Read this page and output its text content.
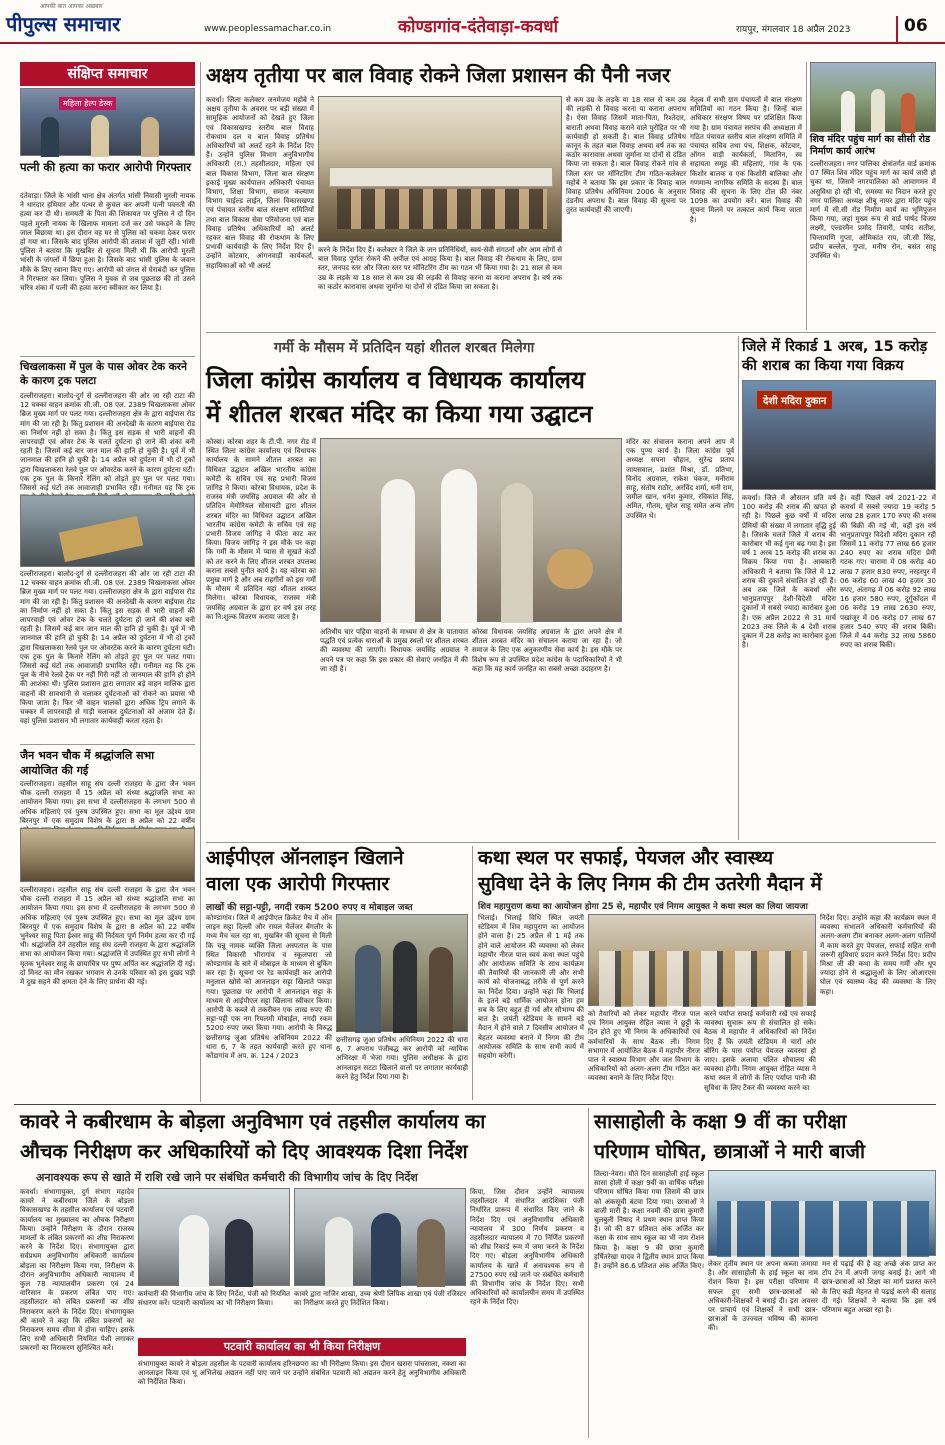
आपकी बात आपका अख़बार
पीपुल्स समाचार	www.peoplessamachar.co.in	कोण्डागांव-दंतेवाड़ा-कवर्धा	रायपुर, मंगलवार 18 अप्रैल 2023	06
संक्षिप्त समाचार
महिला हेल्प डेस्क
पत्नी की हत्या का फरार आरोपी गिरफ्तार
दंतेवाड़ा। जिले के भांसी थाना क्षेत्र अंतर्गत भांसी निवासी मुरली नायक ने धारदार हथियार और पत्थर से कुचल कर अपनी पत्नी पवनती की हत्या कर दी थी। समयती के पिता की शिकायत पर पुलिस ने दो दिन पहले मुरली नायक के खिलाफ मामला दर्ज कर उसे पकड़ने के लिए जाल बिछाया था। इस दौरान वह घर से पुलिस को चकमा देकर फरार हो गया था। जिसके बाद पुलिस आरोपी की तलाश में जुटी रही। भांसी पुलिस ने बताया कि मुखबिर से सूचना मिली थी कि आरोपी मुरली भांसी के जंगलों में छिपा हुआ है। जिसके बाद भांसी पुलिस के जवान मौके के लिए रवाना किए गए। आरोपी को जंगल से घेराबंदी कर पुलिस ने गिरफ्तार कर लिया। पुलिस ने युवक से जब पूछताछ की तो उसने चरित्र शंका में पत्नी की हत्या करना स्वीकार कर लिया है।
चिखलाकसा में पुल के पास ओवर टेक करने के कारण ट्रक पलटा
दल्लीराजहरा। बालोद-दुर्ग से दल्लीराजहरा की ओर जा रही टाटा की 12 चक्का वाहन क्रमांक सी.जी. 08 एल. 2389 चिखलाकसा ओवर ब्रिज मुख्य मार्ग पर पलट गया। दल्लीराजहरा क्षेत्र के द्वारा वाईपास रोड मांग की जा रही है। किंतु प्रशासन की अनदेखी के कारण बाईपास रोड का निर्माण नहीं हो सका है। किंतु इस सड़क से भारी वाहनों की लापरवाही एवं ओवर टेक के चलते दुर्घटना हो जाने की शंका बनी रहती है। जिसमें कई बार जान माल की हानि हो चुकी है। पूर्व में भी जानमाल की हानि हो चुकी है। 14 अप्रैल को दुर्घटना में भी दो ट्रकों द्वारा चिखलाकसा रेलवे पुल पर ओवरटेक करने के कारण दुर्घटना घटी। एक ट्रक पुल के किनारे रेलिंग को तोड़ते हुए पुल पर पलट गया। जिससे कई घंटों तक आवाजाही प्रभावित रही। गनीमत यह कि ट्रक
दल्लीराजहरा। बालोद-दुर्ग से दल्लीराजहरा की ओर जा रही टाटा की 12 चक्का वाहन क्रमांक सी.जी. 08 एल. 2389 चिखलाकसा ओवर ब्रिज मुख्य मार्ग पर पलट गया। दल्लीराजहरा क्षेत्र के द्वारा वाईपास रोड मांग की जा रही है। किंतु प्रशासन की अनदेखी के कारण बाईपास रोड का निर्माण नहीं हो सका है। किंतु इस सड़क से भारी वाहनों की लापरवाही एवं ओवर टेक के चलते दुर्घटना हो जाने की शंका बनी रहती है। जिसमें कई बार जान माल की हानि हो चुकी है। पूर्व में भी जानमाल की हानि हो चुकी है। 14 अप्रैल को दुर्घटना में भी दो ट्रकों द्वारा चिखलाकसा रेलवे पुल पर ओवरटेक करने के कारण दुर्घटना घटी। एक ट्रक पुल के किनारे रेलिंग को तोड़ते हुए पुल पर पलट गया। जिससे कई घंटों तक आवाजाही प्रभावित रही। गनीमत यह कि ट्रक पुल के नीचे रेलवे ट्रैक पर नहीं गिरी नहीं तो जानमाल की हानि हो होने की आशंका थी। पुलिस प्रशासन द्वारा लगातार बड़े वाहन मालिक द्वारा वाहनों की सावधानी से चलाकर दुर्घटनाओं को रोकने का प्रयास भी किया जाता है। फिर भी वाहन चालकों द्वारा अधिक ट्रिप लगाने के चक्कर में लापरवाही से गाड़ी चलाकर दुर्घटनाओं को अंजाम देते हैं। वहां पुलिस प्रशासन भी लगातार कार्यवाही करता रहता है।
जैन भवन चौक में श्रद्धांजलि सभा आयोजित की गई
दल्लीराजहरा। तहसील साहू संघ दल्ली राजहरा के द्वारा जैन भवन चौक दल्ली राजहरा में 15 अप्रैल को संध्या श्रद्धांजलि सभा का आयोजन किया गया। इस सभा में दल्लीराजहरा के लगभग 500 से अधिक महिलाएं एवं पुरुष उपस्थित हुए। सभा का मूल उद्देश्य ग्राम बिरनपुर में एक समुदाय विशेष के द्वारा 8 अप्रैल को 22 वर्षीय
दल्लीराजहरा। तहसील साहू संघ दल्ली राजहरा के द्वारा जैन भवन चौक दल्ली राजहरा में 15 अप्रैल को संध्या श्रद्धांजलि सभा का आयोजन किया गया। इस सभा में दल्लीराजहरा के लगभग 500 से अधिक महिलाएं एवं पुरुष उपस्थित हुए। सभा का मूल उद्देश्य ग्राम बिरनपुर में एक समुदाय विशेष के द्वारा 8 अप्रैल को 22 वर्षीय भुनेश्वर साहू पिता ईश्वर साहू की निर्दयता पूर्ण निर्मम हत्या कर दी गई थी। श्रद्धांजलि देने तहसील साहू संघ दल्ली राजहरा के द्वारा श्रद्धांजलि सभा का आयोजन किया गया। श्रद्धांजलि में उपस्थित हुए सभी लोगों ने मृतक भुनेश्वर साहू के छायाचित्र पर पुष्प अर्पित कर श्रद्धांजलि दी गई। दो मिनट का मौन रखकर भगवान से उनके परिवार को इस दुखद घड़ी में दुख सहने की क्षमता देने के लिए प्रार्थना की गई।
अक्षय तृतीया पर बाल विवाह रोकने जिला प्रशासन की पैनी नजर
कवर्धा। जिला कलेक्टर जनमेजय महोबे ने अक्षय तृतीया के अवसर पर बड़ी संख्या में सामूहिक आयोजनों को देखते हुए जिला एवं विकासखण्ड स्तरीय बाल विवाह रोकथाम दल व बाल विवाह प्रतिषेध अधिकारियों को अलर्ट रहने के निर्देश दिए हैं। उन्होंने पुलिस विभाग अनुविभागीय अधिकारी (रा.) तहसीलदार, महिला एवं बाल विकास विभाग, जिला बाल संरक्षण इकाई मुख्य कार्यपालन अधिकारी पंचायत विभाग, शिक्षा विभाग, समाज कल्याण विभाग चाईल्ड लाईन, जिला विकासखण्ड एवं पंचायत स्तरीय बाल संरक्षण समितियों तथा बाल विकास सेवा परियोजना एवं बाल विवाह प्रतिषेध अधिकारियों को अलर्ट रहकर बाल विवाह की रोकथाम के लिए प्रभावी कार्यवाही के लिए निर्देश दिए हैं। उन्होंने कोटवार, आंगनवाड़ी कार्यकर्ता, सहायिकाओं को भी अलर्ट
करने के निर्देश दिए हैं। कलेक्टर ने जिले के जन प्रतिनिधियों, स्वयं-सेवी संगठनों और आम लोगों से बाल विवाह पूर्णतः रोकने की अपील एवं आग्रह किया है। बाल विवाह की रोकथाम के लिए, ग्राम स्तर, जनपद स्तर और जिला स्तर पर मॉनिटरिंग टीम का गठन भी किया गया है। 21 साल से कम उम्र के लड़के या 18 साल से कम उम्र की लड़की से विवाह करना या कराना अपराध है। वर्ष तक का कठोर कारावास अथवा जुर्माना या दोनों से दंडित किया जा सकता है।
से कम उम्र के लड़के या 18 साल से कम उम्र की लड़की से विवाह करना या कराना अपराध है। ऐसा विवाह जिसमें माता-पिता, रिश्तेदार, बाराती अथवा विवाह कराने वाले पुरोहित पर भी कार्यवाही हो सकती है। बाल विवाह प्रतिषेध कानून के तहत बाल विवाह अथवा वर्ष तक का कठोर कारावास अथवा जुर्माना या दोनों से दंडित किया जा सकता है। बाल विवाह रोकने गांव से जिला स्तर पर मॉनिटरिंग टीम गठित-कलेक्टर महोबे ने बताया कि इस प्रकार के विवाह बाल विवाह प्रतिषेध अधिनियम 2006 के अनुसार दंडनीय अपराध है। बाल विवाह की सूचना पर तुरंत कार्यवाही की जाएगी।
नेतृत्व में सभी ग्राम पंचायतों में बाल संरक्षण समितियों का गठन किया है। जिन्हें बाल अधिकार संरक्षण विषय पर प्रशिक्षित किया गया है। ग्राम पंचायत सरपंच की अध्यक्षता में गठित पंचायत स्तरीय बाल संरक्षण समिति में पंचायत सचिव तथा पंच, शिक्षक, कोटवार, ऑगन वाड़ी कार्यकर्ता, मितानिन, स्व सहायता समूह की महिलाएं, गांव के एक किशोर बालक व एक किशोरी बालिका और गणमान्य नागरिक समिति के सदस्य हैं। बाल विवाह की सूचना के लिए टोल फ्री नंबर 1098 का उपयोग करें। बाल विवाह की सूचना मिलने पर तत्काल कार्य किया जाता है।
शिव मंदिर पहुंच मार्ग का सीसी रोड निर्माण कार्य आरंभ
दल्लीराजहरा। नगर पालिका क्षेत्रांतर्गत वार्ड क्रमांक 07 स्थित शिव मंदिर पहुंच मार्ग का कार्य जारी हो चुका था, जिसमें नगरपालिका को आवागमन में असुविधा हो रही थी, समस्या का निदान करते हुए नगर पालिका अध्यक्ष शीबू नायर द्वारा मंदिर पहुंच मार्ग में सी.सी रोड निर्माण कार्य का भूमिपूजन किया गया, जहां मुख्य रूप से वार्ड पार्षद विजय लक्ष्मी, एल्डरमैन प्रमोद तिवारी, पार्षद सतीश, चिन्तामणि गुप्ता, ओमिकांत राय, जी.सी सिंह, प्रदीप बल्लेल, गुप्ता, मनीष रोन, बसंत साहू उपस्थित थे।
गर्मी के मौसम में प्रतिदिन यहां शीतल शरबत मिलेगा
जिला कांग्रेस कार्यालय व विधायक कार्यालय
में शीतल शरबत मंदिर का किया गया उद्घाटन
कोरबा। कोरबा शहर के टी.पी. नगर रोड में स्थित जिला कांग्रेस कार्यालय एवं विधायक कार्यालय के सामने शीतल शरबत का विधिवत उद्घाटन अखिल भारतीय कांग्रेस कमेटी के सचिव एवं सह प्रभारी विजय जांगिड़ ने किया। कोरबा विधायक, प्रदेश के राजस्व मंत्री जयसिंह अग्रवाल की ओर से प्रतिदिन मेमोरियल सोसायटी द्वारा शीतल शरबत मंदिर का विधिवत उद्घाटन अखिल भारतीय कांग्रेस कमेटी के सचिव एवं सह प्रभारी विजय जांगिड़ ने फीता काट कर किया। विजय जांगिड़ ने इस मौके पर कहा कि गर्मी के मौसम में प्यास से सूखते कंठों को तर करने के लिए शीतल शरबत उपलब्ध कराना सबसे पुनीत कार्य है। यह कोरबा का प्रमुख मार्ग है और अब राहगीरों को इस गर्मी के मौसम में प्रतिदिन यहां शीतल शरबत मिलेगा। कोरबा विधायक, राजस्व मंत्री जयसिंह अग्रवाल के द्वारा हर वर्ष इस तरह का नि:शुल्क वितरण कराया जाता है।
अतिथीय चार पहिया वाहनों के माध्यम से क्षेत्र के यातायात पद्धति एवं प्रत्येक धाराओं के प्रमुख स्थलों पर शीतल शरबत की व्यवस्था की जाएगी। विधायक जयसिंह अग्रवाल ने अपने पत्र पर कहा कि इस प्रकार की सेवाएं जनहित में की जा रही है।
कोरबा विधायक जयसिंह अग्रवाल के द्वारा अपने क्षेत्र में शीतल शरबत मंदिर का संचालन कराया जा रहा है। जो समाज के लिए एक अनुकरणीय सेवा कार्य है। इस मौके पर विशेष रूप से उपस्थित प्रदेश कांग्रेस के पदाधिकारियों ने भी कहा कि यह कार्य जनहित का सबसे अच्छा उदाहरण है।
मंदिर का संचालन कराना अपने आप में एक पुण्य कार्य है। जिला कांग्रेस पूर्व अध्यक्ष सपना चौहान, सुरेन्द्र प्रताप जायसवाल, प्रशांत मिश्रा, डॉ. प्रतिभा, विनोद अग्रवाल, राकेश पंकज, मनीराम साहू, संतोष राठौर, अरविंद शर्मा, धनी राम, जमील खान, धनेश कुमार, रविकांत सिंह, अमित, गौतम, सुरेश साहू समेत अन्य लोग उपस्थित थे।
जिले में रिकार्ड 1 अरब, 15 करोड़ की शराब का किया गया विक्रय
देशी मदिरा दुकान
कवर्धा। जिले में औसतन प्रति वर्ष 100 करोड़ की शराब की खपत हो रही है। पिछले कुछ वर्षों में मदिरा प्रेमियों की संख्या में लगातार वृद्धि हुई है। जिसके चलते जिले में शराब की कारोबार भी कई गुना बढ़ गया है। इस वर्ष 1 अरब 15 करोड़ की शराब का विक्रय किया गया है। आबकारी अधिकारी ने बताया कि जिले में 12 शराब की दुकानें संचालित हो रही हैं। अब तक जिले के कवर्धा और भानुप्रतापपुर देशी-विदेशी मदिरा दुकानों में सबसे ज्यादा कारोबार हुआ है। एक अप्रैल 2022 से 31 मार्च 2023 तक जिले के 4 देशी शराब दुकान में 28 करोड़ का कारोबार हुआ है।
है। वहीं पिछले वर्ष 2021-22 में कवर्धा में सबसे ज्यादा 19 करोड़ 5 लाख 28 हजार 170 रुपए की शराब की बिक्री की गई थी, वहीं इस वर्ष भानुप्रतापपुर विदेशी मदिरा दुकान रही जिसमें 11 करोड़ 77 लाख 66 हजार 240 रुपए का शराब मदिरा प्रेमी गटक गए। चारामा में 08 करोड़ 40 लाख 7 हजार 830 रुपए, नरहरपुर में 06 करोड़ 60 लाख 40 हजार 30 रुपए, अंतागढ़ में 06 करोड़ 92 लाख 16 हजार 580 रुपए, दुर्गुकोंदल में 06 करोड़ 19 लाख 2630 रुपए, पखांजूर में 06 करोड़ 07 लाख 67 हजार 540 रुपए की शराब बिकी। जिले में 44 करोड़ 32 लाख 5860 रुपए का शराब बिकी।
आईपीएल ऑनलाइन खिलाने
वाला एक आरोपी गिरफ्तार
लाखों की सट्टा-पट्टी, नगदी रकम 5200 रुपए व मोबाइल जब्त
कोण्डागांव। जिले में आईपीएल क्रिकेट मैच में ऑन लाइन सट्टा दिल्ली और रायल चैलेंजर बेंगलौर के मध्य मैच चल रहा था, मुखबिर की सूचना से मिली कि चन्नू नामक व्यक्ति जिला अस्पताल के पास स्थित विकासी भीरागांव व स्कूलपारा जो कोण्डागांव के बारे में मोबाइल के माध्यम से बुकिंग कर रहा है। सूचना पर रेड कार्यवाही कर आरोपी मनुलाल खोसे को आनलाइन सट्टा खिलाते पकड़ा गया। पूछताछ पर आरोपी ने आनलाइन सट्टा के माध्यम से आईपीएल सट्टा खिलाना स्वीकार किया। आरोपी के कब्जे से तकरीबन एक लाख रुपए की सट्टा-पट्टी एक नग रियलमी मोबाईल, नगदी रकम 5200 रुपए जब्त किया गया। आरोपी के विरुद्ध छत्तीसगढ़ जुआ प्रतिषेध अधिनियम 2022 की धारा 6, 7 के तहत कार्यवाही करते हुए थाना कोंडागांव में अप. क्र. 124 / 2023
छत्तीसगढ़ जुआ प्रतिषेध अधिनियम 2022 की धारा 6, 7 अपराध पंजीबद्ध कर आरोपी को न्यायिक अभिरक्षा में भेजा गया। पुलिस अधीक्षक के द्वारा आनलाइन सटटा खिलाने वालों पर लगातार कार्यवाही करने हेतु निर्देश दिया गया है।
कथा स्थल पर सफाई, पेयजल और स्वास्थ्य
सुविधा देने के लिए निगम की टीम उतरेगी मैदान में
शिव महापुराण कथा का आयोजन होगा 25 से, महापौर एवं निगम आयुक्त ने कथा स्थल का लिया जायजा
भिलाई। भिलाई विधि स्थित जयंती स्टेडियम में शिव महापुराण का आयोजन होने वाला है। 25 अप्रैल से 1 मई तक होने वाले आयोजन की व्यवस्था को लेकर महापौर नीरज पाल स्वयं कथा स्थल पहुंचे और आयोजक समिति के साथ कार्यक्रम की तैयारियों की जानकारी ली और सभी कार्य को योजनाबद्ध तरीके से पूर्ण करने का निर्देश दिया। उन्होंने कहा कि भिलाई के इतने बड़े धार्मिक आयोजन होना हम सब के लिए बहुत ही गर्व और सौभाग्य की बात है। जयंती स्टेडियम के सामने बड़े मैदान में होने वाले 7 दिवसीय आयोजन में बेहतर व्यवस्था बनाने में निगम की टीम आयोजक समिति के साथ सभी कार्य में सहयोग करेगी।
को तैयारियों को लेकर महापौर नीरज पाल एवं निगम आयुक्त रोहित व्यास ने छुट्टी के दिन होते हुए भी निगम के अधिकारियों एवं कर्मचारियों के साथ बैठक ली। निगम सभागार में आयोजित बैठक में महापौर नीरज पाल ने स्वास्थ्य विभाग और जल विभाग के अधिकारियों को अलग-अलग टीम गठित कर व्यवस्था बनाने के लिए निर्देश दिए।
करने पर्याप्त सफाई कर्मचारी रखें एवं सफाई व्यवस्था सुचारू रूप से संचालित हो सके। बैठक में महापौर ने अधिकारियों को निर्देश दिए हैं कि जयंती स्टेडियम में चारों ओर बोरिंग के पास पर्याप्त पेयजल व्यवस्था हो जाए। इसके अलावा चलित शौचालय की व्यवस्था होगी। निगम आयुक्त रोहित व्यास ने कथा स्थल में लोगों के लिए पर्याप्त पानी की सुविधा के लिए टैंकर की व्यवस्था करने का
निर्देश दिए। उन्होंने कहा की कार्यक्रम स्थल में व्यवस्था संभालने अधिकारी कर्मचारियों की अलग-अलग टीम बनाकर अलग-अलग पालियों में काम करते हुए पेयजल, सफाई सहित सभी जरूरी सुविधाएं प्रदान करने निर्देश दिए। प्रदीप मिश्रा जी की कथा के समय गर्मी और धूप ज्यादा होने से श्रद्धालुओं के लिए ओआरएस घोल एवं स्वास्थ्य केंद्र की व्यवस्था के लिए कहा।
कावरे ने कबीरधाम के बोड़ला अनुविभाग एवं तहसील कार्यालय का
औचक निरीक्षण कर अधिकारियों को दिए आवश्यक दिशा निर्देश
अनावश्यक रूप से खाते में राशि रखे जाने पर संबंधित कर्मचारी की विभागीय जांच के दिए निर्देश
कवर्धा। संभागायुक्त, दुर्ग संभाग महादेव कावरे ने कबीरधाम जिले के बोड़ला विकासखण्ड के तहसील कार्यालय एवं पटवारी कार्यालय का मुख्यालय का औचक निरीक्षण किया। उन्होंने निरीक्षण के दौरान राजस्व मामलों के लंबित प्रकरणों का शीघ्र निराकरण करने के निर्देश दिए। संभागायुक्त द्वारा सर्वप्रथम अनुविभागीय अधिकारी कार्यालय बोड़ला का निरीक्षण किया गया, निरीक्षण के दौरान अनुविभागीय अधिकारी न्यायालय में कुल 78 न्यायालयीन प्रकरण एवं 24 वारिसान के प्रकरण लंबित पाए गए। तहसीलदार को लंबित प्रकरणों का शीघ्र निराकरण करने के निर्देश दिए। संभागायुक्त श्री कावरे ने कहा कि लंबित प्रकरणों का निराकरण समय सीमा में होना चाहिए। इसके लिए सभी अधिकारी नियमित पेशी लगाकर प्रकरणों का निराकरण सुनिश्चित करें।
कर्मचारी की विभागीय जांच के लिए निर्देश, पंजी को नियमित संधारण करें। पटवारी कार्यालय का भी निरीक्षण किया।
कावरे द्वारा नाजिर शाखा, उच्च श्रेणी लिपिक शाखा एवं पंजी रजिस्टर का निरीक्षण करते हुए निर्देशित किया।
पटवारी कार्यालय का भी किया निरीक्षण
संभागायुक्त कावरे ने बोड़ला तहसील के पटवारी कार्यालय हरिनछपरा का भी निरीक्षण किया। इस दौरान खसरा पांचसाला, नक्शा का आनलाइन किया एवं भू अभिलेख अद्यतन नहीं पाए जाने पर उन्होंने संबंधित पटवारी को अद्यतन करने हेतु अनुविभागीय अधिकारी को निर्देशित किया।
किया, जिस दौरान उन्होंने न्यायालय तहसीलदार में संधारित आदेशिका पंजी निर्धारित प्रारूप में संधारित किए जाने के निर्देश दिए एवं अनुविभागीय अधिकारी न्यायालय में 300 निर्णय प्रकरण व तहसीलदार न्यायालय में 70 निर्णित प्रकरणों को शीघ्र रिकार्ड रूम में जमा करने के निर्देश दिए गए। बोड़ला अनुविभागीय अधिकारी कार्यालय के खाते में अनावश्यक रूप से 27500 रुपए रखे जाने पर संबंधित कर्मचारी की विभागीय जांच के निर्देश दिए। सभी अधिकारियों को कार्यालयीन समय में उपस्थित रहने के निर्देश दिए।
सासाहोली के कक्षा 9 वीं का परीक्षा
परिणाम घोषित, छात्राओं ने मारी बाजी
तिल्दा-नेवरा। यौते दिन सासाहोली हाई स्कूल सासा होली में कक्षा 9वीं का वार्षिक परीक्षा परिणाम घोषित किया गया जिसमें की छात्र को अंकसूची बंटवा दिया गया। छात्राओं ने बाजी मारी है। कक्षा नवमी की छात्रा कुमारी चुलबुली निषाद ने प्रथम स्थान प्राप्त किया है। जो की 87 प्रतिशत अंक अर्जित कर कक्षा के साथ साथ स्कूल का भी नाम रोशन किया है। कक्षा 9 की छात्रा कुमारी हर्षितरेखा यादव ने द्वितीय स्थान प्राप्त किया है। उन्होंने 86.6 प्रतिशत अंक अर्जित किए। लेकर तृतीय स्थान पर अपना कब्जा जमाया है। और सासाहोली के हाई स्कूल का नाम रोशन किया है। इस परीक्षा परिणाम में सफल हुए सभी छात्र-छात्राओं को अधिकारी-शिक्षकों ने बधाई दी। इस अवसर पर प्राचार्य एवं शिक्षकों ने सभी छात्र-छात्राओं के उज्ज्वल भविष्य की कामना की।
मन से पढ़ाई की है वह अच्छे अंक प्राप्त कर टॉप टेन में अपनी जगह बनाई है। आगे भी छात्र-छात्राओं को शिक्षा का मार्ग प्रशस्त करने के लिए कड़ी मेहनत से पढ़ाई करने की सलाह दी गई। शिक्षकों ने बताया कि इस वर्ष परिणाम बहुत अच्छा रहा है।
